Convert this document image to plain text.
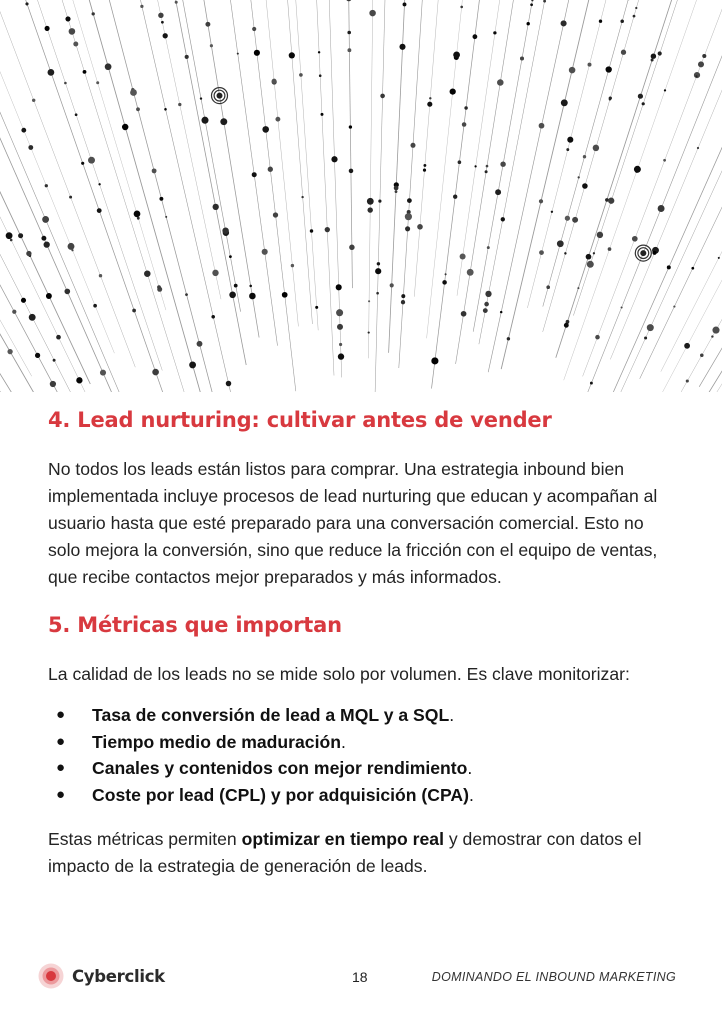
4. Lead nurturing: cultivar antes de vender

No todos los leads están listos para comprar. Una estrategia inbound bien implementada incluye procesos de lead nurturing que educan y acompañan al usuario hasta que esté preparado para una conversación comercial. Esto no solo mejora la conversión, sino que reduce la fricción con el equipo de ventas, que recibe contactos mejor preparados y más informados.

5. Métricas que importan

La calidad de los leads no se mide solo por volumen. Es clave monitorizar:

● Tasa de conversión de lead a MQL y a SQL.
● Tiempo medio de maduración.
● Canales y contenidos con mejor rendimiento.
● Coste por lead (CPL) y por adquisición (CPA).

Estas métricas permiten optimizar en tiempo real y demostrar con datos el impacto de la estrategia de generación de leads.

Cyberclick	18	DOMINANDO EL INBOUND MARKETING
